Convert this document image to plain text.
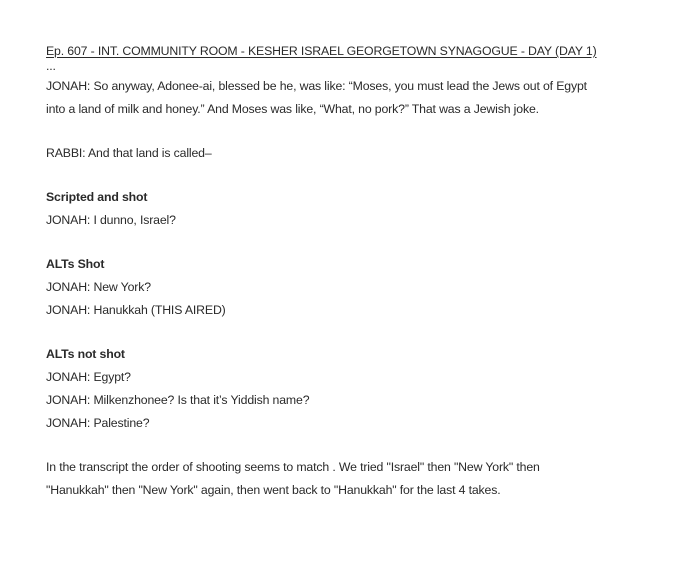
Ep. 607 - INT. COMMUNITY ROOM - KESHER ISRAEL GEORGETOWN SYNAGOGUE - DAY (DAY 1)
...
JONAH: So anyway, Adonee-ai, blessed be he, was like: “Moses, you must lead the Jews out of Egypt
into a land of milk and honey.” And Moses was like, “What, no pork?” That was a Jewish joke.
RABBI: And that land is called–
Scripted and shot
JONAH: I dunno, Israel?
ALTs Shot
JONAH: New York?
JONAH: Hanukkah (THIS AIRED)
ALTs not shot
JONAH: Egypt?
JONAH: Milkenzhonee? Is that it’s Yiddish name?
JONAH: Palestine?
In the transcript the order of shooting seems to match . We tried "Israel" then "New York" then
"Hanukkah" then "New York" again, then went back to "Hanukkah" for the last 4 takes.
